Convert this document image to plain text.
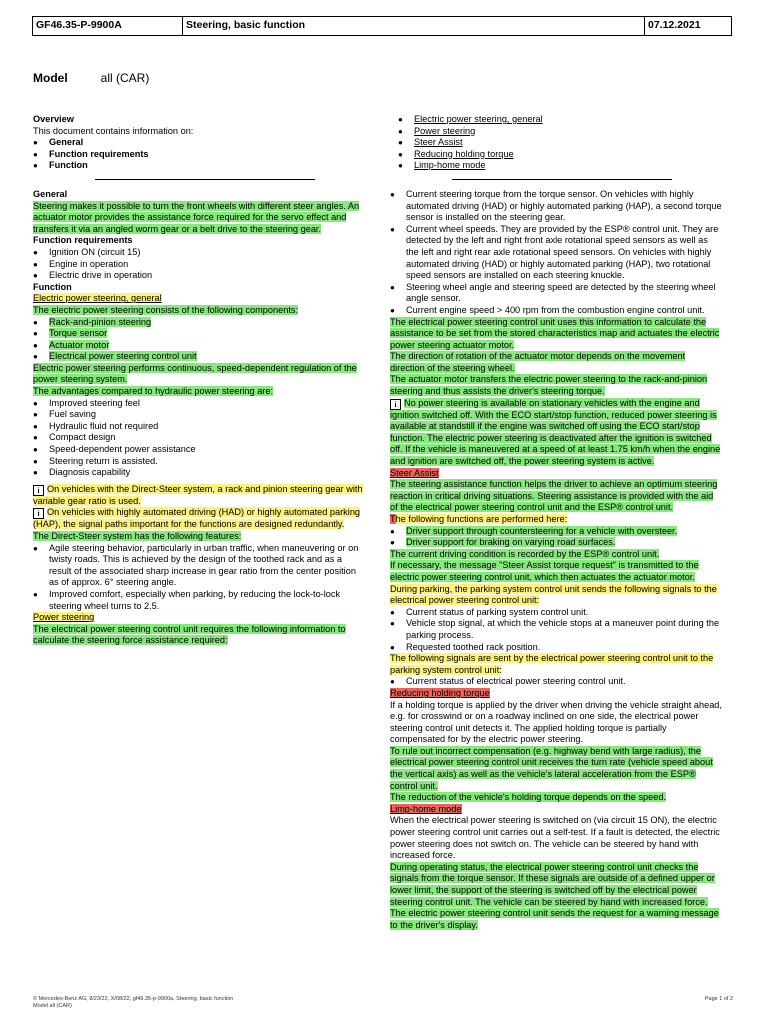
GF46.35-P-9900A	Steering, basic function	07.12.2021
Model	all (CAR)

Overview

This document contains information on:

● General

● Function requirements

● Function

General

Steering makes it possible to turn the front wheels with different steer angles. An actuator motor provides the assistance force required for the servo effect and transfers it via an angled worm gear or a belt drive to the steering gear.

Function requirements

● Ignition ON (circuit 15)

● Engine in operation

● Electric drive in operation

Function

Electric power steering, general

The electric power steering consists of the following components:

● Rack-and-pinion steering

● Torque sensor

● Actuator motor

● Electrical power steering control unit

Electric power steering performs continuous, speed-dependent regulation of the power steering system.

The advantages compared to hydraulic power steering are:

● Improved steering feel

● Fuel saving

● Hydraulic fluid not required

● Compact design

● Speed-dependent power assistance

● Steering return is assisted.

● Diagnosis capability

i On vehicles with the Direct-Steer system, a rack and pinion steering gear with variable gear ratio is used.

i On vehicles with highly automated driving (HAD) or highly automated parking (HAP), the signal paths important for the functions are designed redundantly.

The Direct-Steer system has the following features:

● Agile steering behavior, particularly in urban traffic, when maneuvering or on twisty roads. This is achieved by the design of the toothed rack and as a result of the associated sharp increase in gear ratio from the center position as of approx. 6° steering angle.

● Improved comfort, especially when parking, by reducing the lock-to-lock steering wheel turns to 2.5.

Power steering

The electrical power steering control unit requires the following information to calculate the steering force assistance required:

● Electric power steering, general

● Power steering

● Steer Assist

● Reducing holding torque

● Limp-home mode

● Current steering torque from the torque sensor. On vehicles with highly automated driving (HAD) or highly automated parking (HAP), a second torque sensor is installed on the steering gear.

● Current wheel speeds. They are provided by the ESP® control unit. They are detected by the left and right front axle rotational speed sensors as well as the left and right rear axle rotational speed sensors. On vehicles with highly automated driving (HAD) or highly automated parking (HAP), two rotational speed sensors are installed on each steering knuckle.

● Steering wheel angle and steering speed are detected by the steering wheel angle sensor.

● Current engine speed > 400 rpm from the combustion engine control unit.

The electrical power steering control unit uses this information to calculate the assistance to be set from the stored characteristics map and actuates the electric power steering actuator motor.

The direction of rotation of the actuator motor depends on the movement direction of the steering wheel.

The actuator motor transfers the electric power steering to the rack-and-pinion steering and thus assists the driver's steering torque.

i No power steering is available on stationary vehicles with the engine and ignition switched off. With the ECO start/stop function, reduced power steering is available at standstill if the engine was switched off using the ECO start/stop function. The electric power steering is deactivated after the ignition is switched off. If the vehicle is maneuvered at a speed of at least 1.75 km/h when the engine and ignition are switched off, the power steering system is active.

Steer Assist

The steering assistance function helps the driver to achieve an optimum steering reaction in critical driving situations. Steering assistance is provided with the aid of the electrical power steering control unit and the ESP® control unit.

The following functions are performed here:

● Driver support through countersteering for a vehicle with oversteer.

● Driver support for braking on varying road surfaces.

The current driving condition is recorded by the ESP® control unit.

If necessary, the message "Steer Assist torque request" is transmitted to the electric power steering control unit, which then actuates the actuator motor.

During parking, the parking system control unit sends the following signals to the electrical power steering control unit:

● Current status of parking system control unit.

● Vehicle stop signal, at which the vehicle stops at a maneuver point during the parking process.

● Requested toothed rack position.

The following signals are sent by the electrical power steering control unit to the parking system control unit:

● Current status of electrical power steering control unit.

Reducing holding torque

If a holding torque is applied by the driver when driving the vehicle straight ahead, e.g. for crosswind or on a roadway inclined on one side, the electrical power steering control unit detects it. The applied holding torque is partially compensated for by the electric power steering.

To rule out incorrect compensation (e.g. highway bend with large radius), the electrical power steering control unit receives the turn rate (vehicle speed about the vertical axis) as well as the vehicle's lateral acceleration from the ESP® control unit.

The reduction of the vehicle's holding torque depends on the speed.

Limp-home mode

When the electrical power steering is switched on (via circuit 15 ON), the electric power steering control unit carries out a self-test. If a fault is detected, the electric power steering does not switch on. The vehicle can be steered by hand with increased force.

During operating status, the electrical power steering control unit checks the signals from the torque sensor. If these signals are outside of a defined upper or lower limit, the support of the steering is switched off by the electrical power steering control unit. The vehicle can be steered by hand with increased force.

The electric power steering control unit sends the request for a warning message to the driver's display.

© Mercedes-Benz AG, 8/23/22, X/08/22, gf46.35-p-9900a, Steering, basic function
Model all (CAR)
Page 1 of 2
